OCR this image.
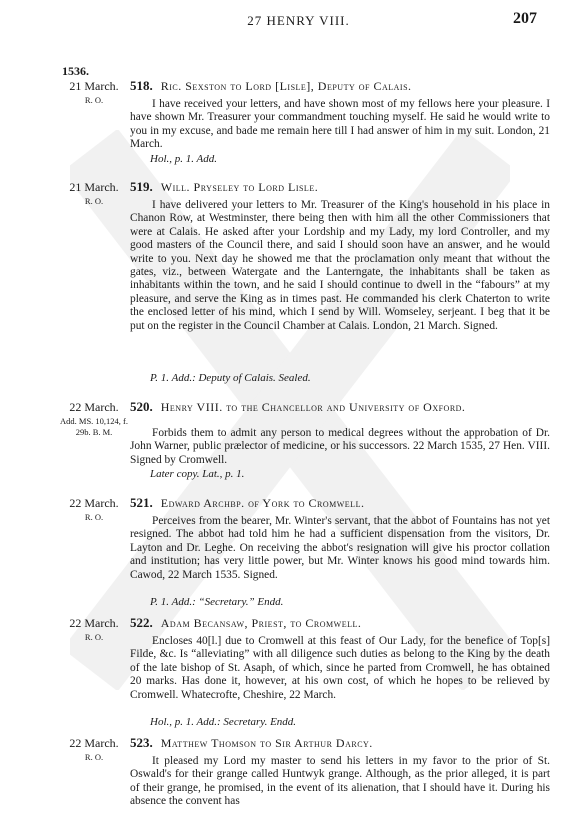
27 HENRY VIII.	207
1536.
21 March.
R. O.
518. Ric. Sexston to Lord [Lisle], Deputy of Calais.
I have received your letters, and have shown most of my fellows here your pleasure. I have shown Mr. Treasurer your commandment touching myself. He said he would write to you in my excuse, and bade me remain here till I had answer of him in my suit. London, 21 March.
Hol., p. 1. Add.
21 March.
R. O.
519. Will. Pryseley to Lord Lisle.
I have delivered your letters to Mr. Treasurer of the King's household in his place in Chanon Row, at Westminster, there being then with him all the other Commissioners that were at Calais. He asked after your Lordship and my Lady, my lord Controller, and my good masters of the Council there, and said I should soon have an answer, and he would write to you. Next day he showed me that the proclamation only meant that without the gates, viz., between Watergate and the Lanterngate, the inhabitants shall be taken as inhabitants within the town, and he said I should continue to dwell in the “fabours” at my pleasure, and serve the King as in times past. He commanded his clerk Chaterton to write the enclosed letter of his mind, which I send by Will. Womseley, serjeant. I beg that it be put on the register in the Council Chamber at Calais. London, 21 March. Signed.
P. 1. Add.: Deputy of Calais. Sealed.
22 March.
Add. MS. 10,124, f. 29b. B. M.
520. Henry VIII. to the Chancellor and University of Oxford.
Forbids them to admit any person to medical degrees without the approbation of Dr. John Warner, public prælector of medicine, or his successors. 22 March 1535, 27 Hen. VIII. Signed by Cromwell.
Later copy. Lat., p. 1.
22 March.
R. O.
521. Edward Archbp. of York to Cromwell.
Perceives from the bearer, Mr. Winter's servant, that the abbot of Fountains has not yet resigned. The abbot had told him he had a sufficient dispensation from the visitors, Dr. Layton and Dr. Leghe. On receiving the abbot's resignation will give his proctor collation and institution; has very little power, but Mr. Winter knows his good mind towards him. Cawod, 22 March 1535. Signed.
P. 1. Add.: “Secretary.” Endd.
22 March.
R. O.
522. Adam Becansaw, Priest, to Cromwell.
Encloses 40[l.] due to Cromwell at this feast of Our Lady, for the benefice of Top[s] Filde, &c. Is “alleviating” with all diligence such duties as belong to the King by the death of the late bishop of St. Asaph, of which, since he parted from Cromwell, he has obtained 20 marks. Has done it, however, at his own cost, of which he hopes to be relieved by Cromwell. Whatecrofte, Cheshire, 22 March.
Hol., p. 1. Add.: Secretary. Endd.
22 March.
R. O.
523. Matthew Thomson to Sir Arthur Darcy.
It pleased my Lord my master to send his letters in my favor to the prior of St. Oswald's for their grange called Huntwyk grange. Although, as the prior alleged, it is part of their grange, he promised, in the event of its alienation, that I should have it. During his absence the convent has
